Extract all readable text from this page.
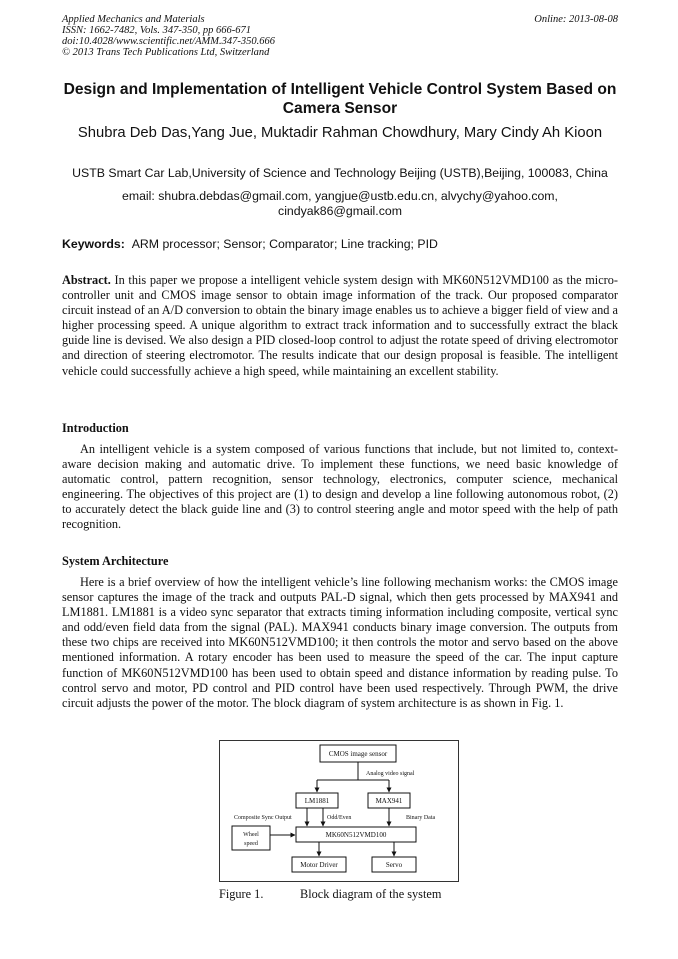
Applied Mechanics and Materials
ISSN: 1662-7482, Vols. 347-350, pp 666-671
doi:10.4028/www.scientific.net/AMM.347-350.666
© 2013 Trans Tech Publications Ltd, Switzerland
Online: 2013-08-08
Design and Implementation of Intelligent Vehicle Control System Based on Camera Sensor
Shubra Deb Das,Yang Jue, Muktadir Rahman Chowdhury, Mary Cindy Ah Kioon
USTB Smart Car Lab,University of Science and Technology Beijing (USTB),Beijing, 100083, China
email: shubra.debdas@gmail.com, yangjue@ustb.edu.cn, alvychy@yahoo.com, cindyak86@gmail.com
Keywords: ARM processor; Sensor; Comparator; Line tracking; PID
Abstract. In this paper we propose a intelligent vehicle system design with MK60N512VMD100 as the micro-controller unit and CMOS image sensor to obtain image information of the track. Our proposed comparator circuit instead of an A/D conversion to obtain the binary image enables us to achieve a bigger field of view and a higher processing speed. A unique algorithm to extract track information and to successfully extract the black guide line is devised. We also design a PID closed-loop control to adjust the rotate speed of driving electromotor and direction of steering electromotor. The results indicate that our design proposal is feasible. The intelligent vehicle could successfully achieve a high speed, while maintaining an excellent stability.
Introduction
An intelligent vehicle is a system composed of various functions that include, but not limited to, context-aware decision making and automatic drive. To implement these functions, we need basic knowledge of automatic control, pattern recognition, sensor technology, electronics, computer science, mechanical engineering. The objectives of this project are (1) to design and develop a line following autonomous robot, (2) to accurately detect the black guide line and (3) to control steering angle and motor speed with the help of path recognition.
System Architecture
Here is a brief overview of how the intelligent vehicle’s line following mechanism works: the CMOS image sensor captures the image of the track and outputs PAL-D signal, which then gets processed by MAX941 and LM1881. LM1881 is a video sync separator that extracts timing information including composite, vertical sync and odd/even field data from the signal (PAL). MAX941 conducts binary image conversion. The outputs from these two chips are received into MK60N512VMD100; it then controls the motor and servo based on the above mentioned information. A rotary encoder has been used to measure the speed of the car. The input capture function of MK60N512VMD100 has been used to obtain speed and distance information by reading pulse. To control servo and motor, PD control and PID control have been used respectively. Through PWM, the drive circuit adjusts the power of the motor. The block diagram of system architecture is as shown in Fig. 1.
CMOS image sensor
Analog video signal
LM1881	MAX941
Composite Sync Output	Odd/Even	Binary Data
MK60N512VMD100
Wheel
speed
Motor Driver	Servo
Figure 1.	Block diagram of the system
